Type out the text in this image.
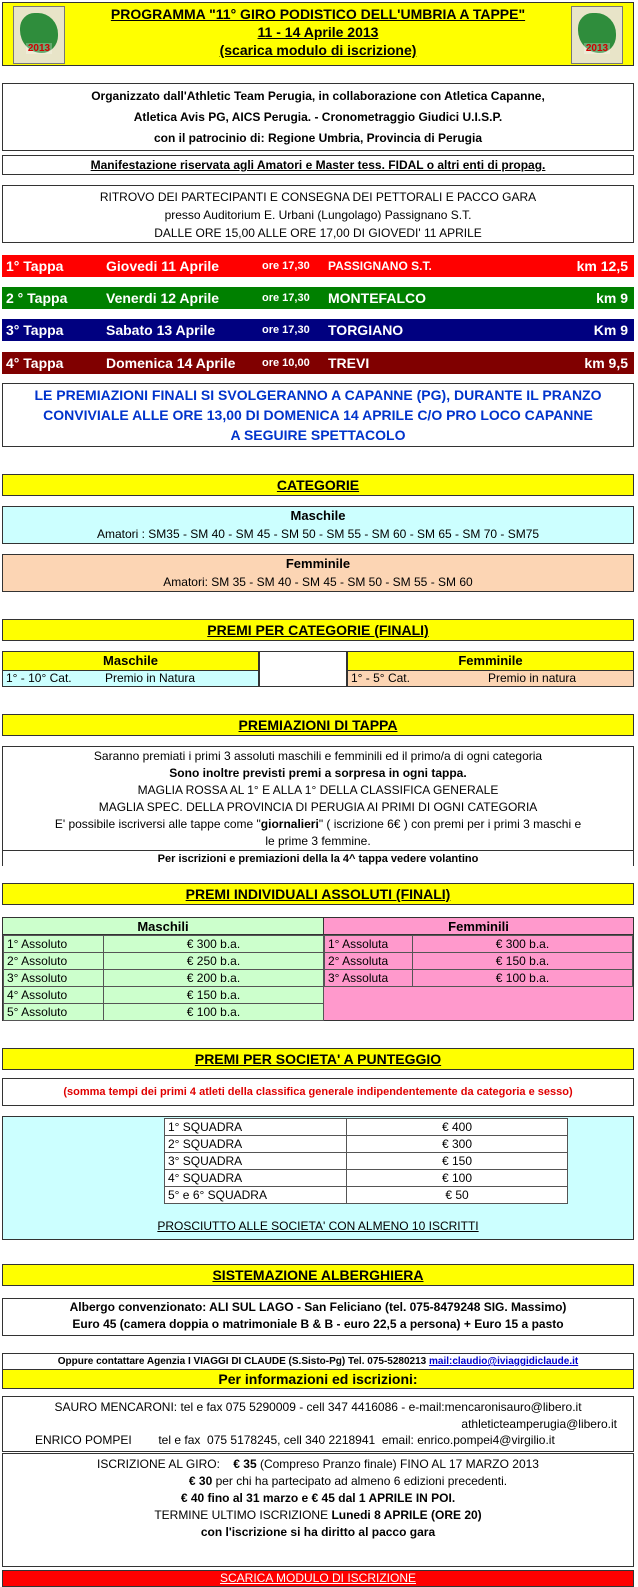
2013	2013
PROGRAMMA "11° GIRO PODISTICO DELL'UMBRIA A TAPPE"
11 - 14 Aprile 2013
(scarica modulo di iscrizione)
Organizzato dall'Athletic Team Perugia, in collaborazione con Atletica Capanne,
Atletica Avis PG, AICS Perugia. - Cronometraggio Giudici U.I.S.P.
con il patrocinio di: Regione Umbria, Provincia di Perugia
Manifestazione riservata agli Amatori e Master tess. FIDAL o altri enti di propag.
RITROVO DEI PARTECIPANTI E CONSEGNA DEI PETTORALI E PACCO GARA
presso Auditorium E. Urbani (Lungolago) Passignano S.T.
DALLE ORE 15,00 ALLE ORE 17,00 DI GIOVEDI' 11 APRILE
1° Tappa	Giovedi 11 Aprile	ore 17,30 PASSIGNANO S.T.	km 12,5
2 ° Tappa	Venerdi 12 Aprile	ore 17,30 MONTEFALCO	km 9
3° Tappa	Sabato 13 Aprile	ore 17,30 TORGIANO	Km 9
4° Tappa	Domenica 14 Aprile ore 10,00 TREVI	km 9,5
LE PREMIAZIONI FINALI SI SVOLGERANNO A CAPANNE (PG), DURANTE IL PRANZO
CONVIVIALE ALLE ORE 13,00 DI DOMENICA 14 APRILE C/O PRO LOCO CAPANNE
A SEGUIRE SPETTACOLO
CATEGORIE
Maschile
Amatori : SM35 - SM 40 - SM 45 - SM 50 - SM 55 - SM 60 - SM 65 - SM 70 - SM75
Femminile
Amatori: SM 35 - SM 40 - SM 45 - SM 50 - SM 55 - SM 60
PREMI PER CATEGORIE (FINALI)
Maschile
1° - 10° Cat.	Premio in Natura
Femminile
1° - 5° Cat.	Premio in natura
PREMIAZIONI DI TAPPA
Saranno premiati i primi 3 assoluti maschili e femminili ed il primo/a di ogni categoria
Sono inoltre previsti premi a sorpresa in ogni tappa.
MAGLIA ROSSA AL 1° E ALLA 1° DELLA CLASSIFICA GENERALE
MAGLIA SPEC. DELLA PROVINCIA DI PERUGIA AI PRIMI DI OGNI CATEGORIA
E' possibile iscriversi alle tappe come "giornalieri" ( iscrizione 6€ ) con premi per i primi 3 maschi e
le prime 3 femmine.
Per iscrizioni e premiazioni della la 4^ tappa vedere volantino
PREMI INDIVIDUALI ASSOLUTI (FINALI)
Maschili	Femminili
1° Assoluto	€ 300 b.a.
2° Assoluto	€ 250 b.a.
3° Assoluto	€ 200 b.a.
4° Assoluto	€ 150 b.a.
5° Assoluto	€ 100 b.a.
1° Assoluta	€ 300 b.a.
2° Assoluta	€ 150 b.a.
3° Assoluta	€ 100 b.a.
PREMI PER SOCIETA' A PUNTEGGIO
(somma tempi dei primi 4 atleti della classifica generale indipendentemente da categoria e sesso)
1° SQUADRA	€ 400
2° SQUADRA	€ 300
3° SQUADRA	€ 150
4° SQUADRA	€ 100
5° e 6° SQUADRA	€ 50
PROSCIUTTO ALLE SOCIETA' CON ALMENO 10 ISCRITTI
SISTEMAZIONE ALBERGHIERA
Albergo convenzionato: ALI SUL LAGO - San Feliciano (tel. 075-8479248 SIG. Massimo)
Euro 45 (camera doppia o matrimoniale B & B - euro 22,5 a persona) + Euro 15 a pasto
Oppure contattare Agenzia I VIAGGI DI CLAUDE (S.Sisto-Pg) Tel. 075-5280213 mail:claudio@iviaggidiclaude.it
Per informazioni ed iscrizioni:
SAURO MENCARONI: tel e fax 075 5290009 - cell 347 4416086 - e-mail:mencaronisauro@libero.it
athleticteamperugia@libero.it
ENRICO POMPEI        tel e fax  075 5178245, cell 340 2218941  email: enrico.pompei4@virgilio.it
ISCRIZIONE AL GIRO:    € 35 (Compreso Pranzo finale) FINO AL 17 MARZO 2013
€ 30 per chi ha partecipato ad almeno 6 edizioni precedenti.
€ 40 fino al 31 marzo e € 45 dal 1 APRILE IN POI.
TERMINE ULTIMO ISCRIZIONE Lunedi 8 APRILE (ORE 20)
con l'iscrizione si ha diritto al pacco gara
SCARICA MODULO DI ISCRIZIONE
